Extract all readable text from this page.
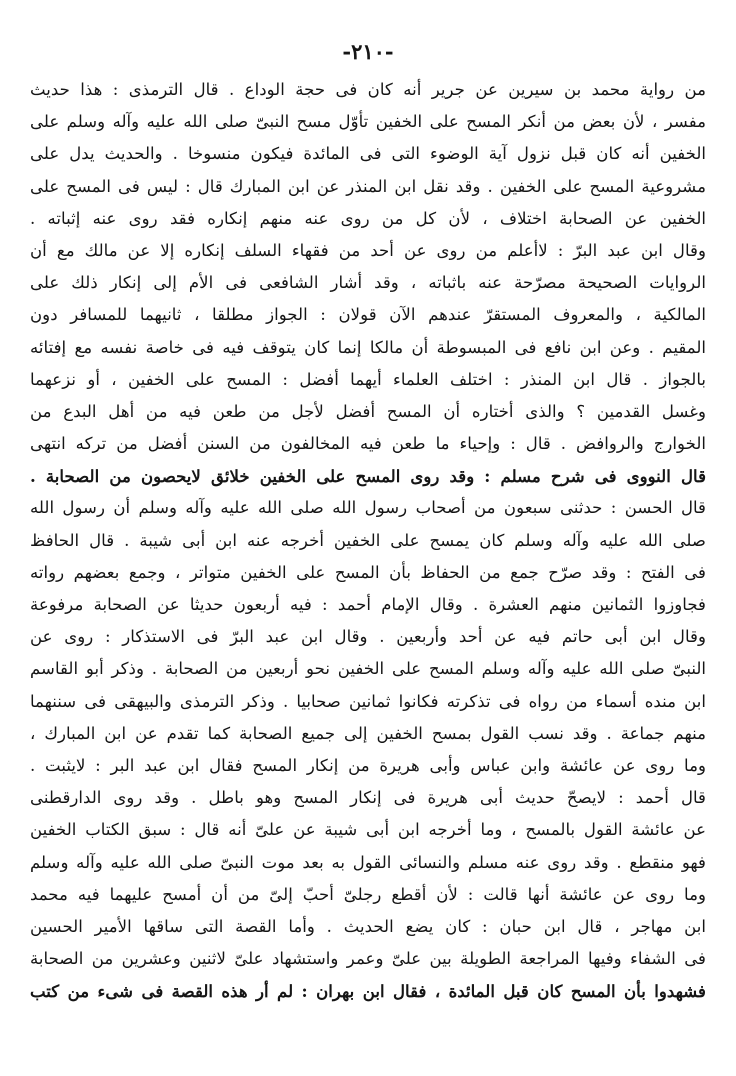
-٢١٠-
من رواية محمد بن سيرين عن جرير أنه كان فى حجة الوداع . قال الترمذى : هذا حديث
مفسر ، لأن بعض من أنكر المسح على الخفين تأوّل مسح النبىّ صلى الله عليه وآله وسلم على
الخفين أنه كان قبل نزول آية الوضوء التى فى المائدة فيكون منسوخا . والحديث يدل على
مشروعية المسح على الخفين . وقد نقل ابن المنذر عن ابن المبارك قال : ليس فى المسح على
الخفين عن الصحابة اختلاف ، لأن كل من روى عنه منهم إنكاره فقد روى عنه إثباته .
وقال ابن عبد البرّ : لاأعلم من روى عن أحد من فقهاء السلف إنكاره إلا عن مالك مع أن
الروايات الصحيحة مصرّحة عنه باثباته ، وقد أشار الشافعى فى الأم إلى إنكار ذلك على
المالكية ، والمعروف المستقرّ عندهم الآن قولان : الجواز مطلقا ، ثانيهما للمسافر دون
المقيم . وعن ابن نافع فى المبسوطة أن مالكا إنما كان يتوقف فيه فى خاصة نفسه مع إفتائه
بالجواز . قال ابن المنذر : اختلف العلماء أيهما أفضل : المسح على الخفين ، أو نزعهما
وغسل القدمين ؟ والذى أختاره أن المسح أفضل لأجل من طعن فيه من أهل البدع من
الخوارج والروافض . قال : وإحياء ما طعن فيه المخالفون من السنن أفضل من تركه انتهى
قال النووى فى شرح مسلم : وقد روى المسح على الخفين خلائق لايحصون من الصحابة .
قال الحسن : حدثنى سبعون من أصحاب رسول الله صلى الله عليه وآله وسلم أن رسول الله
صلى الله عليه وآله وسلم كان يمسح على الخفين أخرجه عنه ابن أبى شيبة . قال الحافظ
فى الفتح : وقد صرّح جمع من الحفاظ بأن المسح على الخفين متواتر ، وجمع بعضهم رواته
فجاوزوا الثمانين منهم العشرة . وقال الإمام أحمد : فيه أربعون حديثا عن الصحابة مرفوعة
وقال ابن أبى حاتم فيه عن أحد وأربعين . وقال ابن عبد البرّ فى الاستذكار : روى عن
النبىّ صلى الله عليه وآله وسلم المسح على الخفين نحو أربعين من الصحابة . وذكر أبو القاسم
ابن منده أسماء من رواه فى تذكرته فكانوا ثمانين صحابيا . وذكر الترمذى والبيهقى فى سننهما
منهم جماعة . وقد نسب القول بمسح الخفين إلى جميع الصحابة كما تقدم عن ابن المبارك ،
وما روى عن عائشة وابن عباس وأبى هريرة من إنكار المسح فقال ابن عبد البر : لايثبت .
قال أحمد : لايصحّ حديث أبى هريرة فى إنكار المسح وهو باطل . وقد روى الدارقطنى
عن عائشة القول بالمسح ، وما أخرجه ابن أبى شيبة عن علىّ أنه قال : سبق الكتاب الخفين
فهو منقطع . وقد روى عنه مسلم والنسائى القول به بعد موت النبىّ صلى الله عليه وآله وسلم
وما روى عن عائشة أنها قالت : لأن أقطع رجلىّ أحبّ إلىّ من أن أمسح عليهما فيه محمد
ابن مهاجر ، قال ابن حبان : كان يضع الحديث . وأما القصة التى ساقها الأمير الحسين
فى الشفاء وفيها المراجعة الطويلة بين علىّ وعمر واستشهاد علىّ لاثنين وعشرين من الصحابة
فشهدوا بأن المسح كان قبل المائدة ، فقال ابن بهران : لم أر هذه القصة فى شىء من كتب
